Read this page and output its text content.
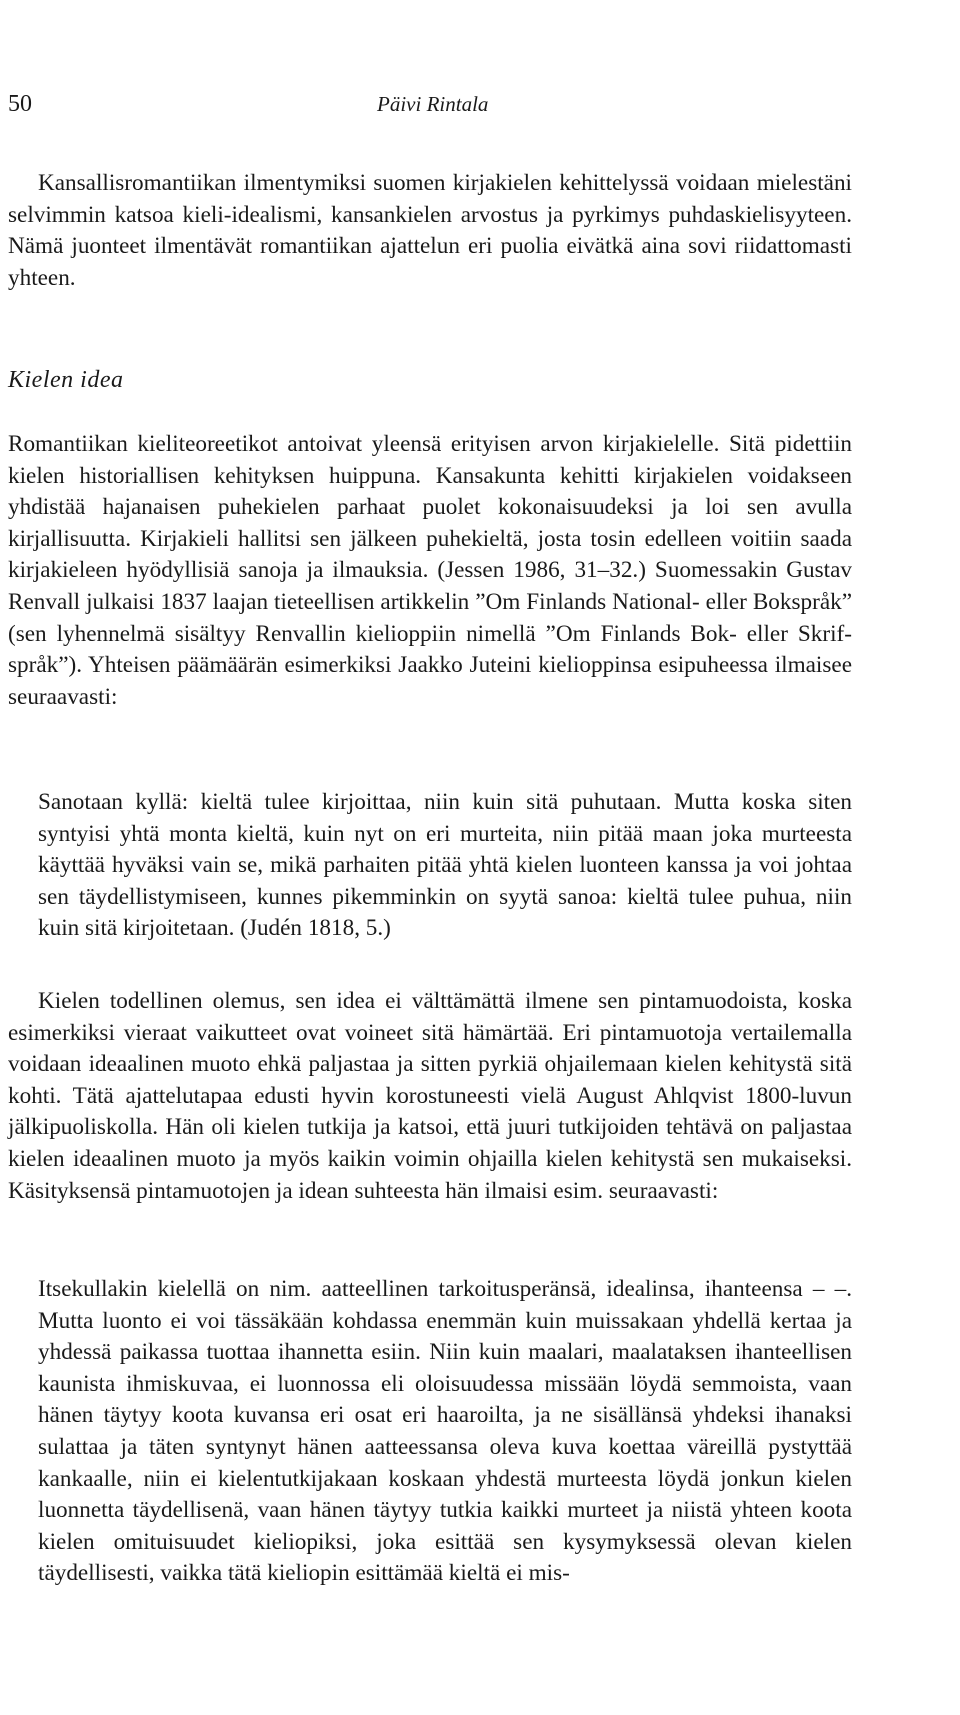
50	Päivi Rintala

Kansallisromantiikan ilmentymiksi suomen kirjakielen kehittelyssä voidaan mielestäni selvimmin katsoa kieli-idealismi, kansankielen arvostus ja pyrkimys puhdaskielisyyteen. Nämä juonteet ilmentävät romantiikan ajattelun eri puolia eivätkä aina sovi riidattomasti yhteen.

Kielen idea

Romantiikan kieliteoreetikot antoivat yleensä erityisen arvon kirjakielelle. Sitä pidettiin kielen historiallisen kehityksen huippuna. Kansakunta kehitti kirjakielen voidakseen yhdistää hajanaisen puhekielen parhaat puolet kokonaisuudeksi ja loi sen avulla kirjallisuutta. Kirjakieli hallitsi sen jälkeen puhekieltä, josta tosin edelleen voitiin saada kirjakieleen hyödyllisiä sanoja ja ilmauksia. (Jessen 1986, 31–32.) Suomessakin Gustav Renvall julkaisi 1837 laajan tieteellisen artikkelin ”Om Finlands National- eller Bokspråk” (sen lyhennelmä sisältyy Renvallin kielioppiin nimellä ”Om Finlands Bok- eller Skrif-språk”). Yhteisen päämäärän esimerkiksi Jaakko Juteini kielioppinsa esipuheessa ilmaisee seuraavasti:

Sanotaan kyllä: kieltä tulee kirjoittaa, niin kuin sitä puhutaan. Mutta koska siten syntyisi yhtä monta kieltä, kuin nyt on eri murteita, niin pitää maan joka murteesta käyttää hyväksi vain se, mikä parhaiten pitää yhtä kielen luonteen kanssa ja voi johtaa sen täydellistymiseen, kunnes pikemminkin on syytä sanoa: kieltä tulee puhua, niin kuin sitä kirjoitetaan. (Judén 1818, 5.)

Kielen todellinen olemus, sen idea ei välttämättä ilmene sen pintamuodoista, koska esimerkiksi vieraat vaikutteet ovat voineet sitä hämärtää. Eri pintamuotoja vertailemalla voidaan ideaalinen muoto ehkä paljastaa ja sitten pyrkiä ohjailemaan kielen kehitystä sitä kohti. Tätä ajattelutapaa edusti hyvin korostuneesti vielä August Ahlqvist 1800-luvun jälkipuoliskolla. Hän oli kielen tutkija ja katsoi, että juuri tutkijoiden tehtävä on paljastaa kielen ideaalinen muoto ja myös kaikin voimin ohjailla kielen kehitystä sen mukaiseksi. Käsityksensä pintamuotojen ja idean suhteesta hän ilmaisi esim. seuraavasti:

Itsekullakin kielellä on nim. aatteellinen tarkoitusperänsä, idealinsa, ihanteensa – –. Mutta luonto ei voi tässäkään kohdassa enemmän kuin muissakaan yhdellä kertaa ja yhdessä paikassa tuottaa ihannetta esiin. Niin kuin maalari, maalataksen ihanteellisen kaunista ihmiskuvaa, ei luonnossa eli oloisuudessa missään löydä semmoista, vaan hänen täytyy koota kuvansa eri osat eri haaroilta, ja ne sisällänsä yhdeksi ihanaksi sulattaa ja täten syntynyt hänen aatteessansa oleva kuva koettaa väreillä pystyttää kankaalle, niin ei kielentutkijakaan koskaan yhdestä murteesta löydä jonkun kielen luonnetta täydellisenä, vaan hänen täytyy tutkia kaikki murteet ja niistä yhteen koota kielen omituisuudet kieliopiksi, joka esittää sen kysymyksessä olevan kielen täydellisesti, vaikka tätä kieliopin esittämää kieltä ei mis-
